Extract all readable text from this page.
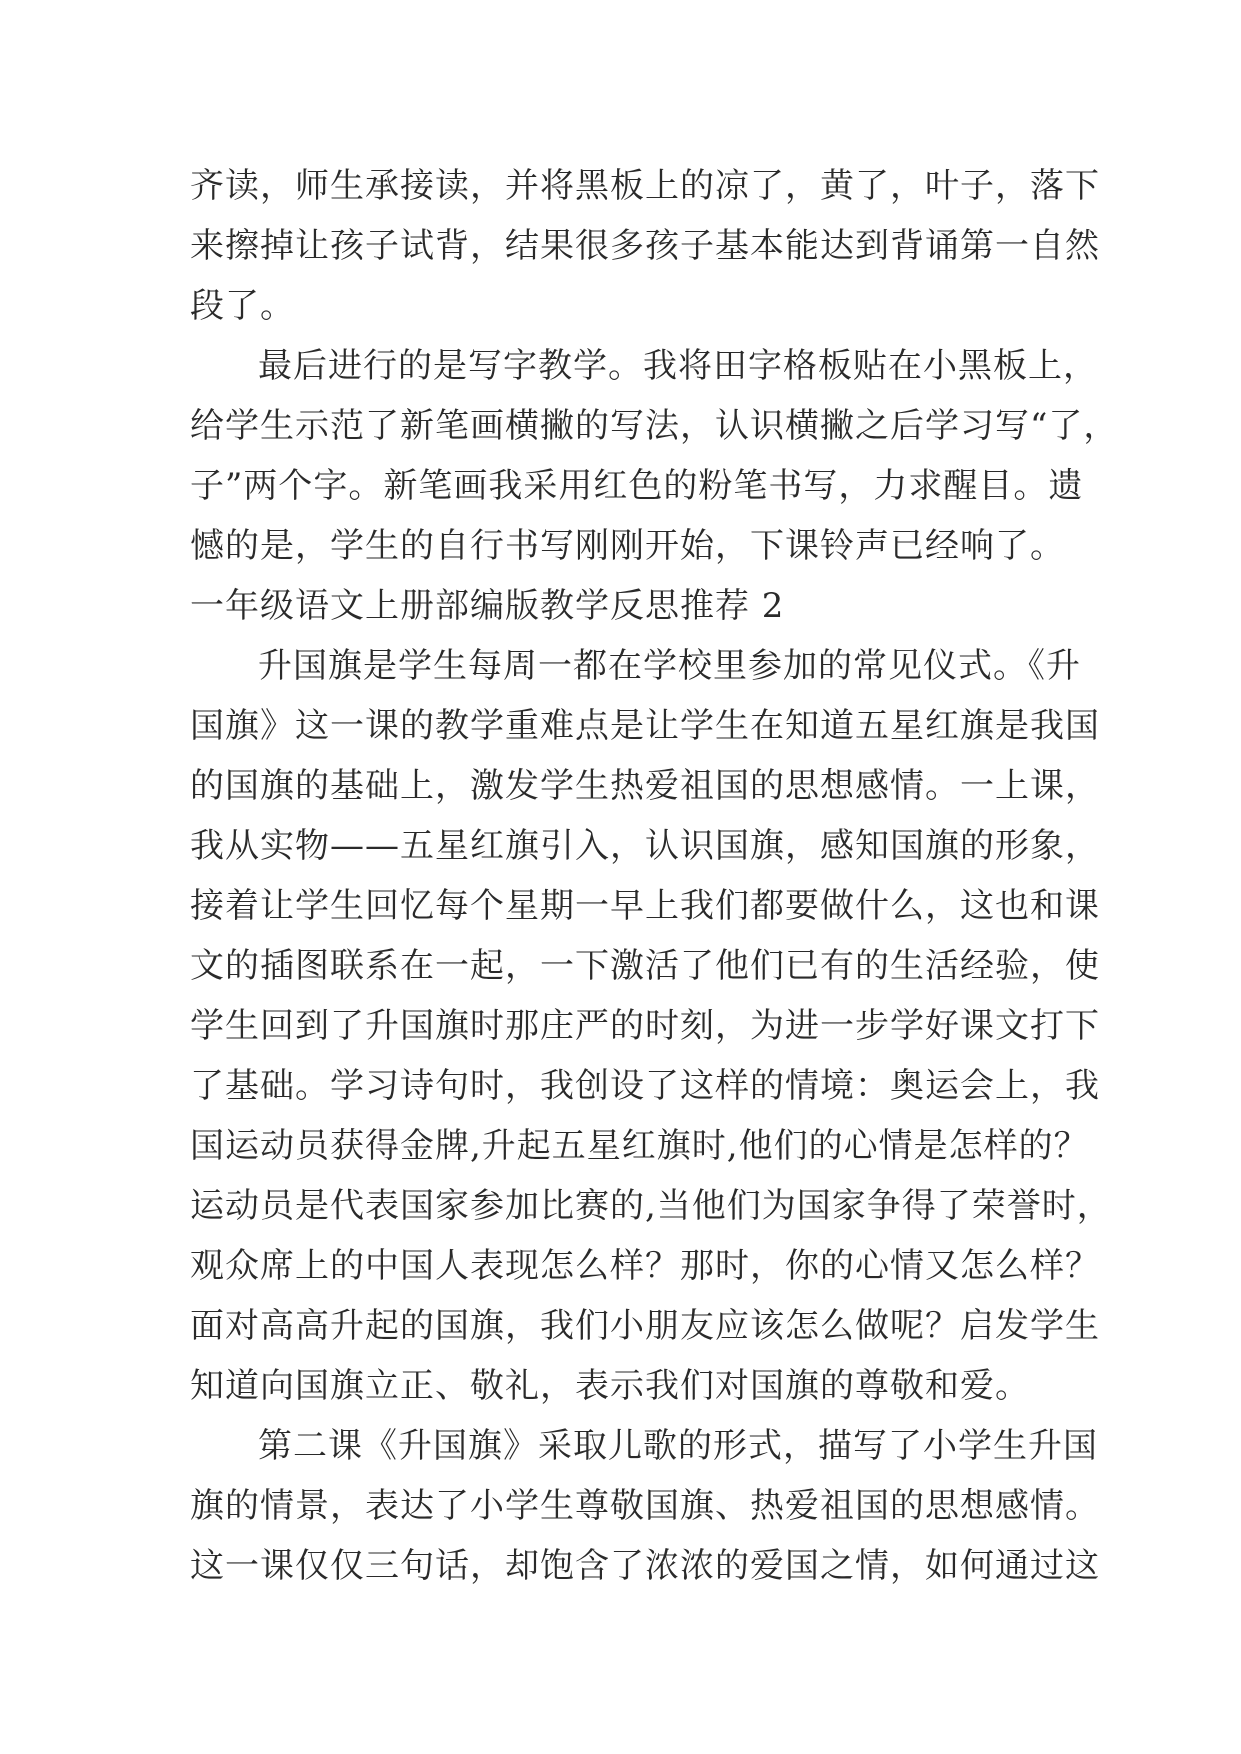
齐读，师生承接读，并将黑板上的凉了，黄了，叶子，落下
来擦掉让孩子试背，结果很多孩子基本能达到背诵第一自然
段了。

最后进行的是写字教学。我将田字格板贴在小黑板上，
给学生示范了新笔画横撇的写法，认识横撇之后学习写“了，
子”两个字。新笔画我采用红色的粉笔书写，力求醒目。遗
憾的是，学生的自行书写刚刚开始，下课铃声已经响了。

一年级语文上册部编版教学反思推荐 2

升国旗是学生每周一都在学校里参加的常见仪式。《升
国旗》这一课的教学重难点是让学生在知道五星红旗是我国
的国旗的基础上，激发学生热爱祖国的思想感情。一上课，
我从实物——五星红旗引入，认识国旗，感知国旗的形象，
接着让学生回忆每个星期一早上我们都要做什么，这也和课
文的插图联系在一起，一下激活了他们已有的生活经验，使
学生回到了升国旗时那庄严的时刻，为进一步学好课文打下
了基础。学习诗句时，我创设了这样的情境：奥运会上，我
国运动员获得金牌,升起五星红旗时,他们的心情是怎样的？
运动员是代表国家参加比赛的,当他们为国家争得了荣誉时，
观众席上的中国人表现怎么样？那时，你的心情又怎么样？
面对高高升起的国旗，我们小朋友应该怎么做呢？启发学生
知道向国旗立正、敬礼，表示我们对国旗的尊敬和爱。

第二课《升国旗》采取儿歌的形式，描写了小学生升国
旗的情景，表达了小学生尊敬国旗、热爱祖国的思想感情。
这一课仅仅三句话，却饱含了浓浓的爱国之情，如何通过这
